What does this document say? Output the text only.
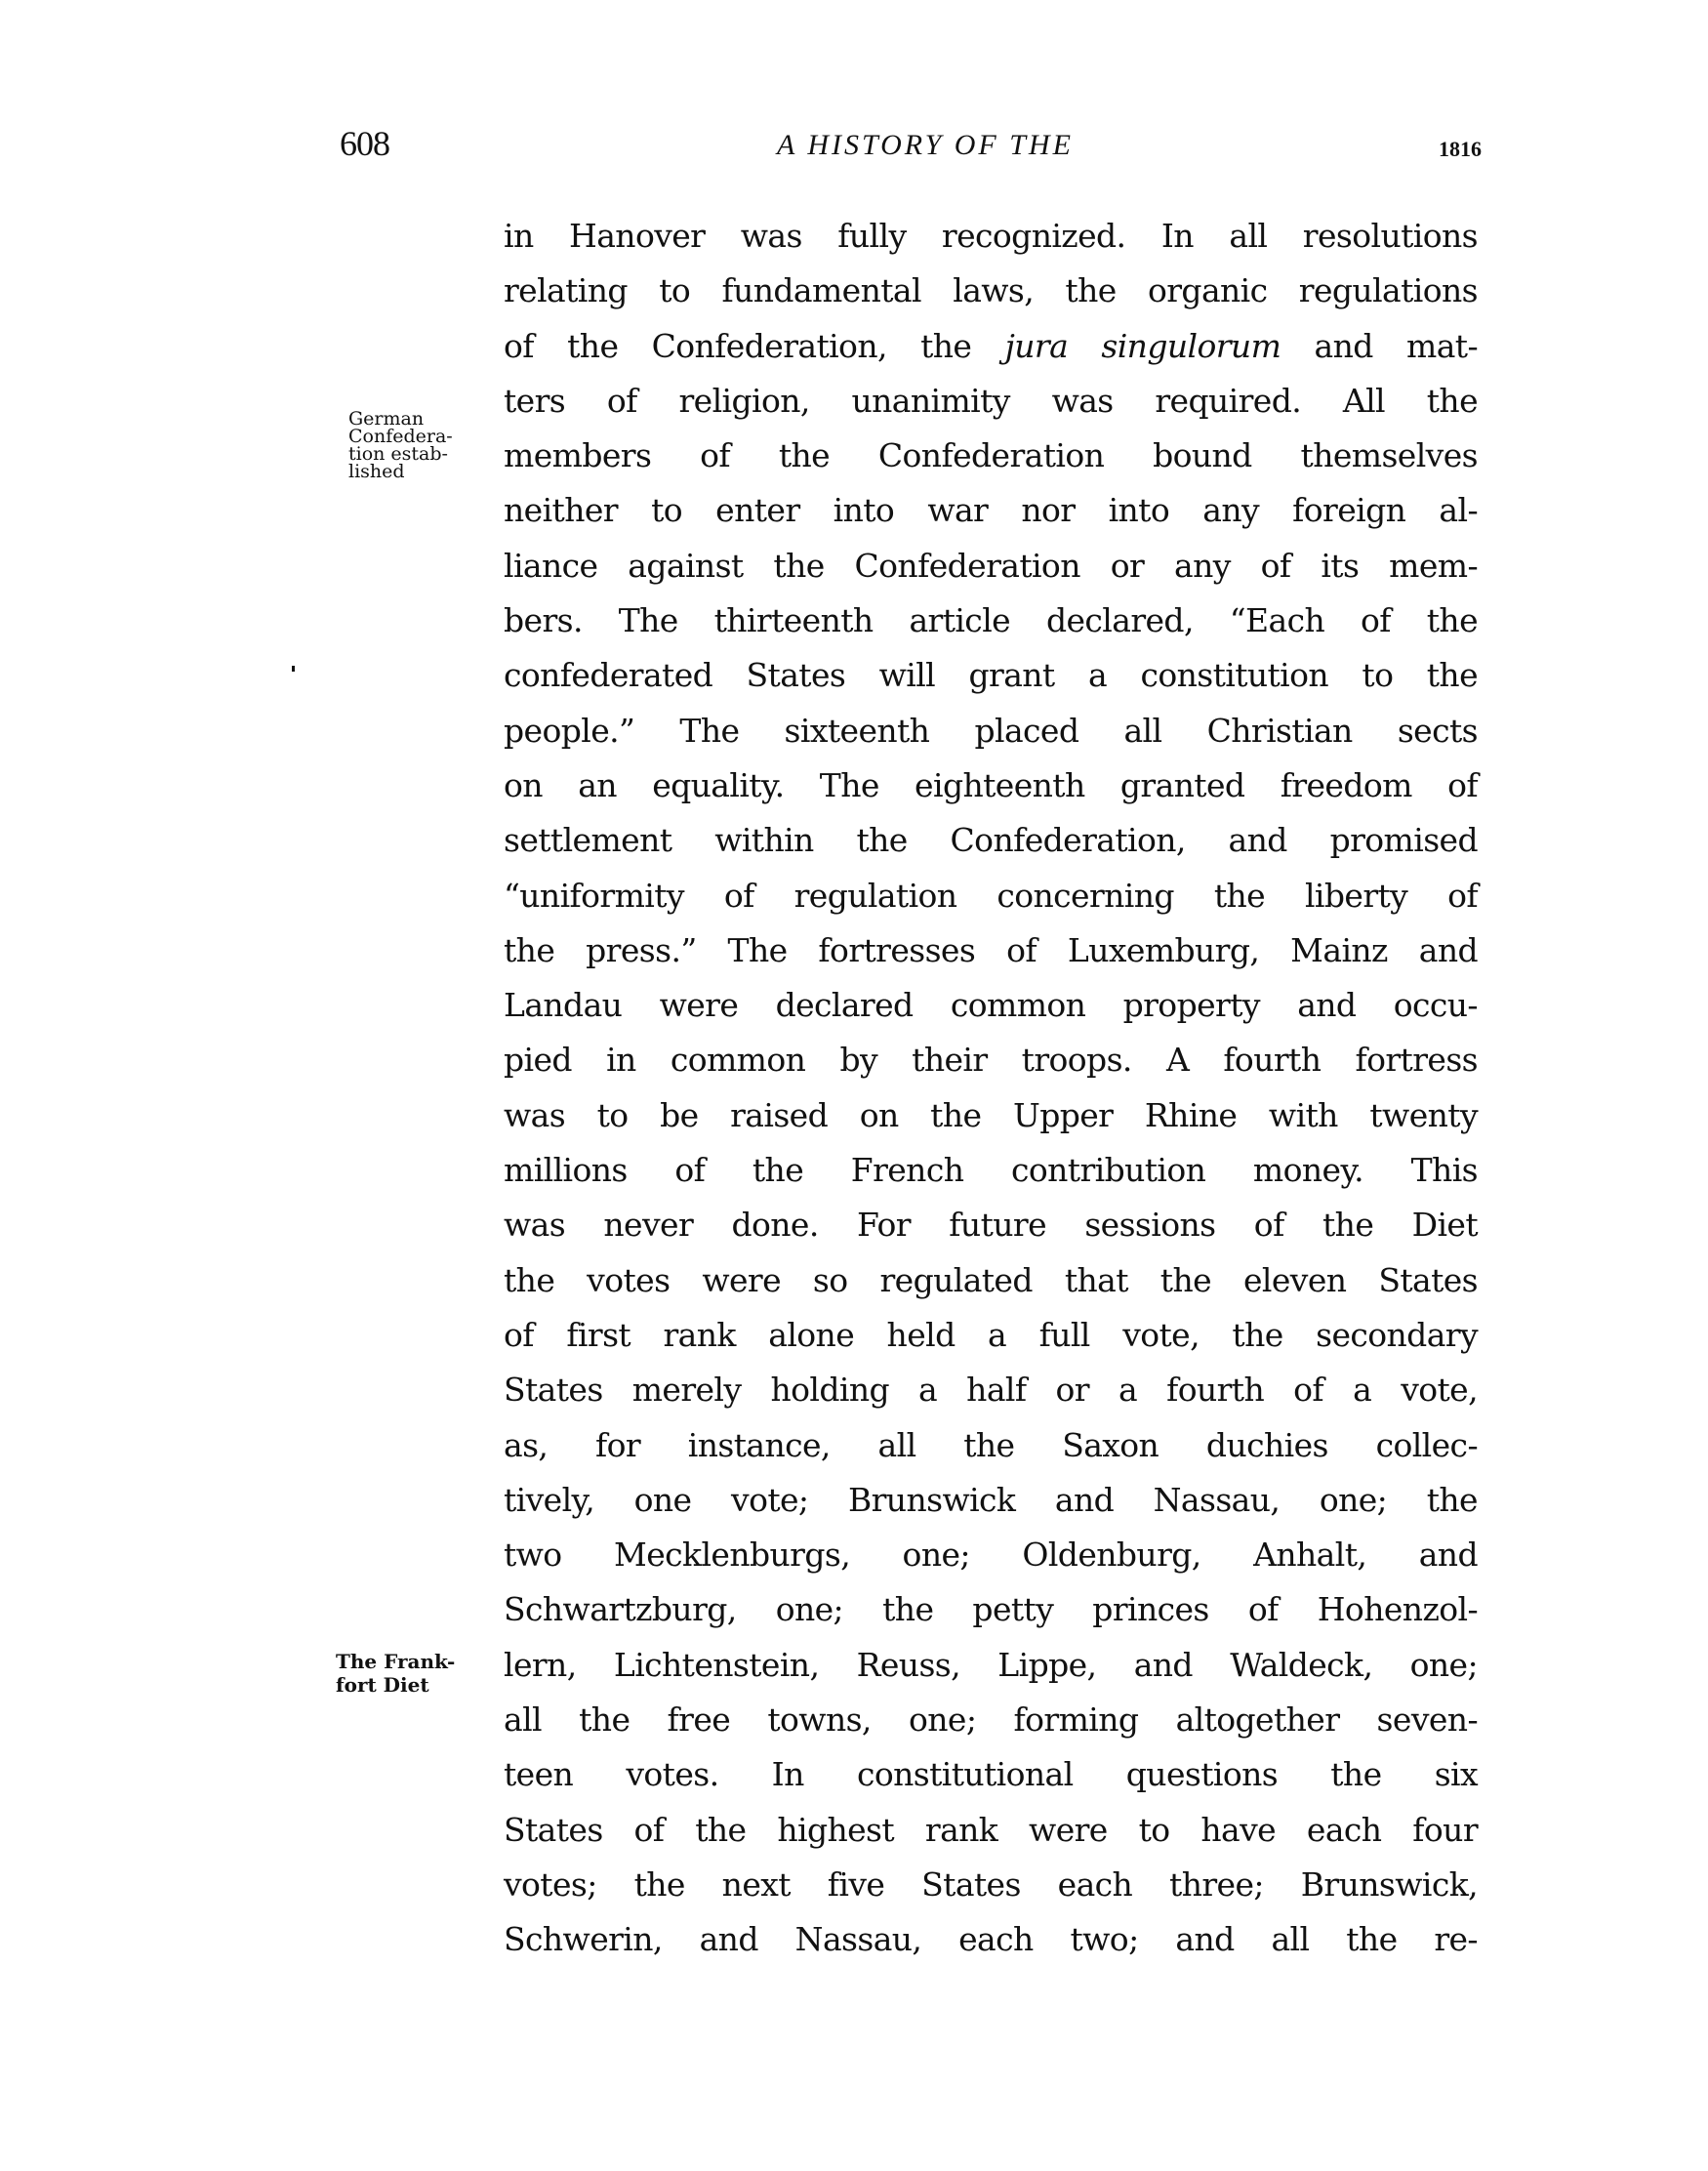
608	A HISTORY OF THE	1816
German
Confedera-
tion estab-
lished
The Frank-
fort Diet
in Hanover was fully recognized. In all resolutions
relating to fundamental laws, the organic regulations
of the Confederation, the jura singulorum and mat-
ters of religion, unanimity was required. All the
members of the Confederation bound themselves
neither to enter into war nor into any foreign al-
liance against the Confederation or any of its mem-
bers. The thirteenth article declared, “Each of the
confederated States will grant a constitution to the
people.” The sixteenth placed all Christian sects
on an equality. The eighteenth granted freedom of
settlement within the Confederation, and promised
“uniformity of regulation concerning the liberty of
the press.” The fortresses of Luxemburg, Mainz and
Landau were declared common property and occu-
pied in common by their troops. A fourth fortress
was to be raised on the Upper Rhine with twenty
millions of the French contribution money. This
was never done. For future sessions of the Diet
the votes were so regulated that the eleven States
of first rank alone held a full vote, the secondary
States merely holding a half or a fourth of a vote,
as, for instance, all the Saxon duchies collec-
tively, one vote; Brunswick and Nassau, one; the
two Mecklenburgs, one; Oldenburg, Anhalt, and
Schwartzburg, one; the petty princes of Hohenzol-
lern, Lichtenstein, Reuss, Lippe, and Waldeck, one;
all the free towns, one; forming altogether seven-
teen votes. In constitutional questions the six
States of the highest rank were to have each four
votes; the next five States each three; Brunswick,
Schwerin, and Nassau, each two; and all the re-
